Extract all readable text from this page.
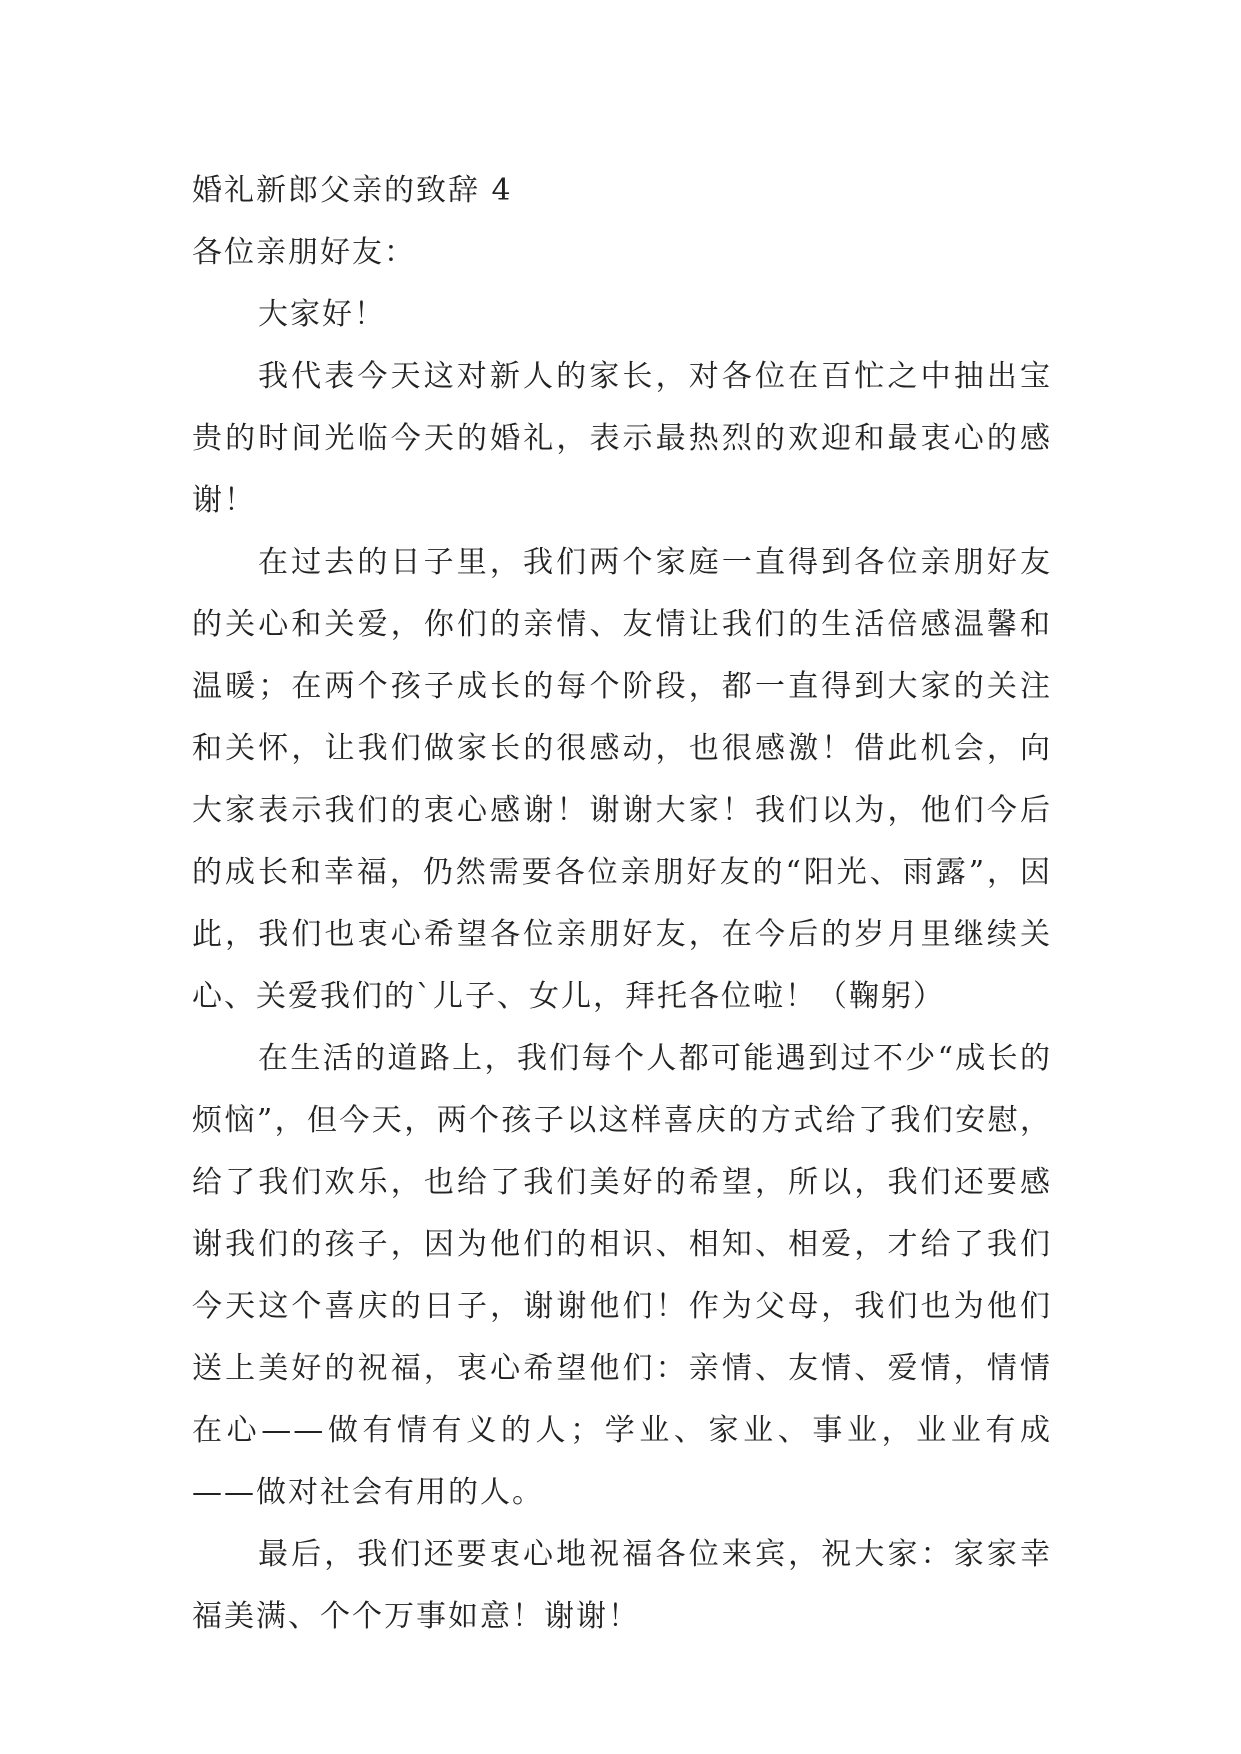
婚礼新郎父亲的致辞 4

各位亲朋好友：

大家好！

我代表今天这对新人的家长，对各位在百忙之中抽出宝贵的时间光临今天的婚礼，表示最热烈的欢迎和最衷心的感谢！

在过去的日子里，我们两个家庭一直得到各位亲朋好友的关心和关爱，你们的亲情、友情让我们的生活倍感温馨和温暖；在两个孩子成长的每个阶段，都一直得到大家的关注和关怀，让我们做家长的很感动，也很感激！借此机会，向大家表示我们的衷心感谢！谢谢大家！我们以为，他们今后的成长和幸福，仍然需要各位亲朋好友的“阳光、雨露”，因此，我们也衷心希望各位亲朋好友，在今后的岁月里继续关心、关爱我们的`儿子、女儿，拜托各位啦！（鞠躬）

在生活的道路上，我们每个人都可能遇到过不少“成长的烦恼”，但今天，两个孩子以这样喜庆的方式给了我们安慰，给了我们欢乐，也给了我们美好的希望，所以，我们还要感谢我们的孩子，因为他们的相识、相知、相爱，才给了我们今天这个喜庆的日子，谢谢他们！作为父母，我们也为他们送上美好的祝福，衷心希望他们：亲情、友情、爱情，情情在心——做有情有义的人；学业、家业、事业，业业有成——做对社会有用的人。

最后，我们还要衷心地祝福各位来宾，祝大家：家家幸福美满、个个万事如意！谢谢！
